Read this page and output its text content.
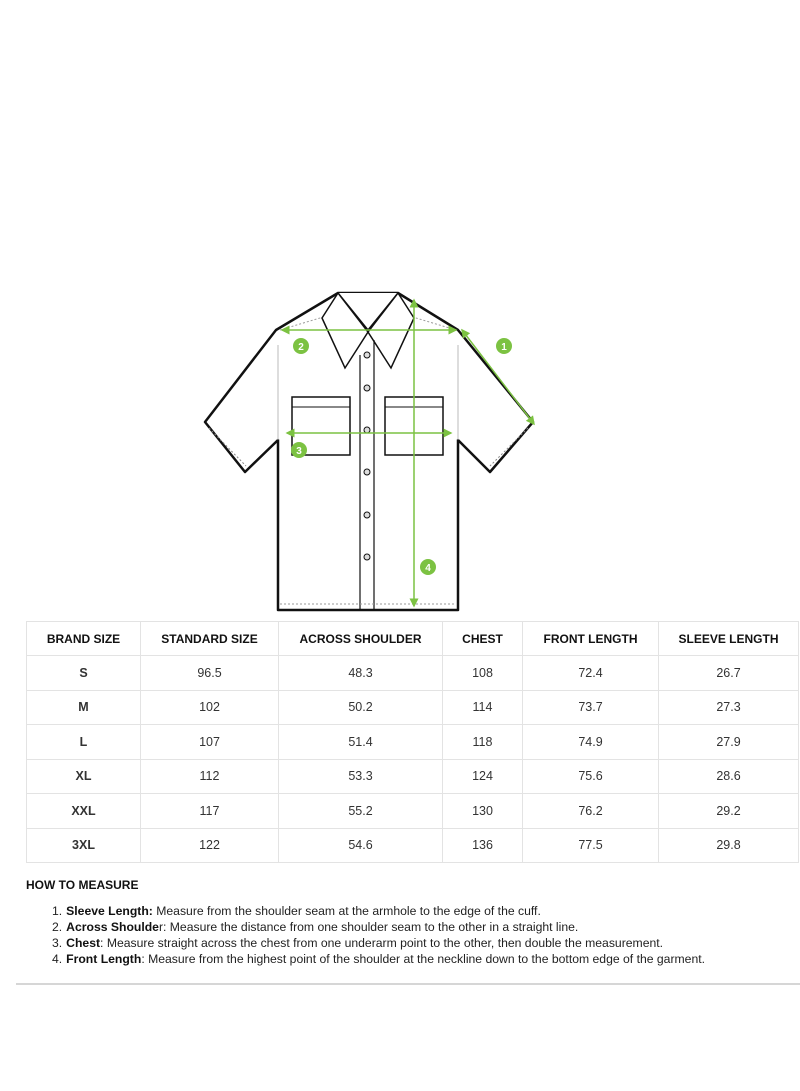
1
2
3
4
BRAND SIZE	STANDARD SIZE	ACROSS SHOULDER	CHEST	FRONT LENGTH	SLEEVE LENGTH
S	96.5	48.3	108	72.4	26.7
M	102	50.2	114	73.7	27.3
L	107	51.4	118	74.9	27.9
XL	112	53.3	124	75.6	28.6
XXL	117	55.2	130	76.2	29.2
3XL	122	54.6	136	77.5	29.8
HOW TO MEASURE
1. Sleeve Length: Measure from the shoulder seam at the armhole to the edge of the cuff.
2. Across Shoulder: Measure the distance from one shoulder seam to the other in a straight line.
3. Chest: Measure straight across the chest from one underarm point to the other, then double the measurement.
4. Front Length: Measure from the highest point of the shoulder at the neckline down to the bottom edge of the garment.
